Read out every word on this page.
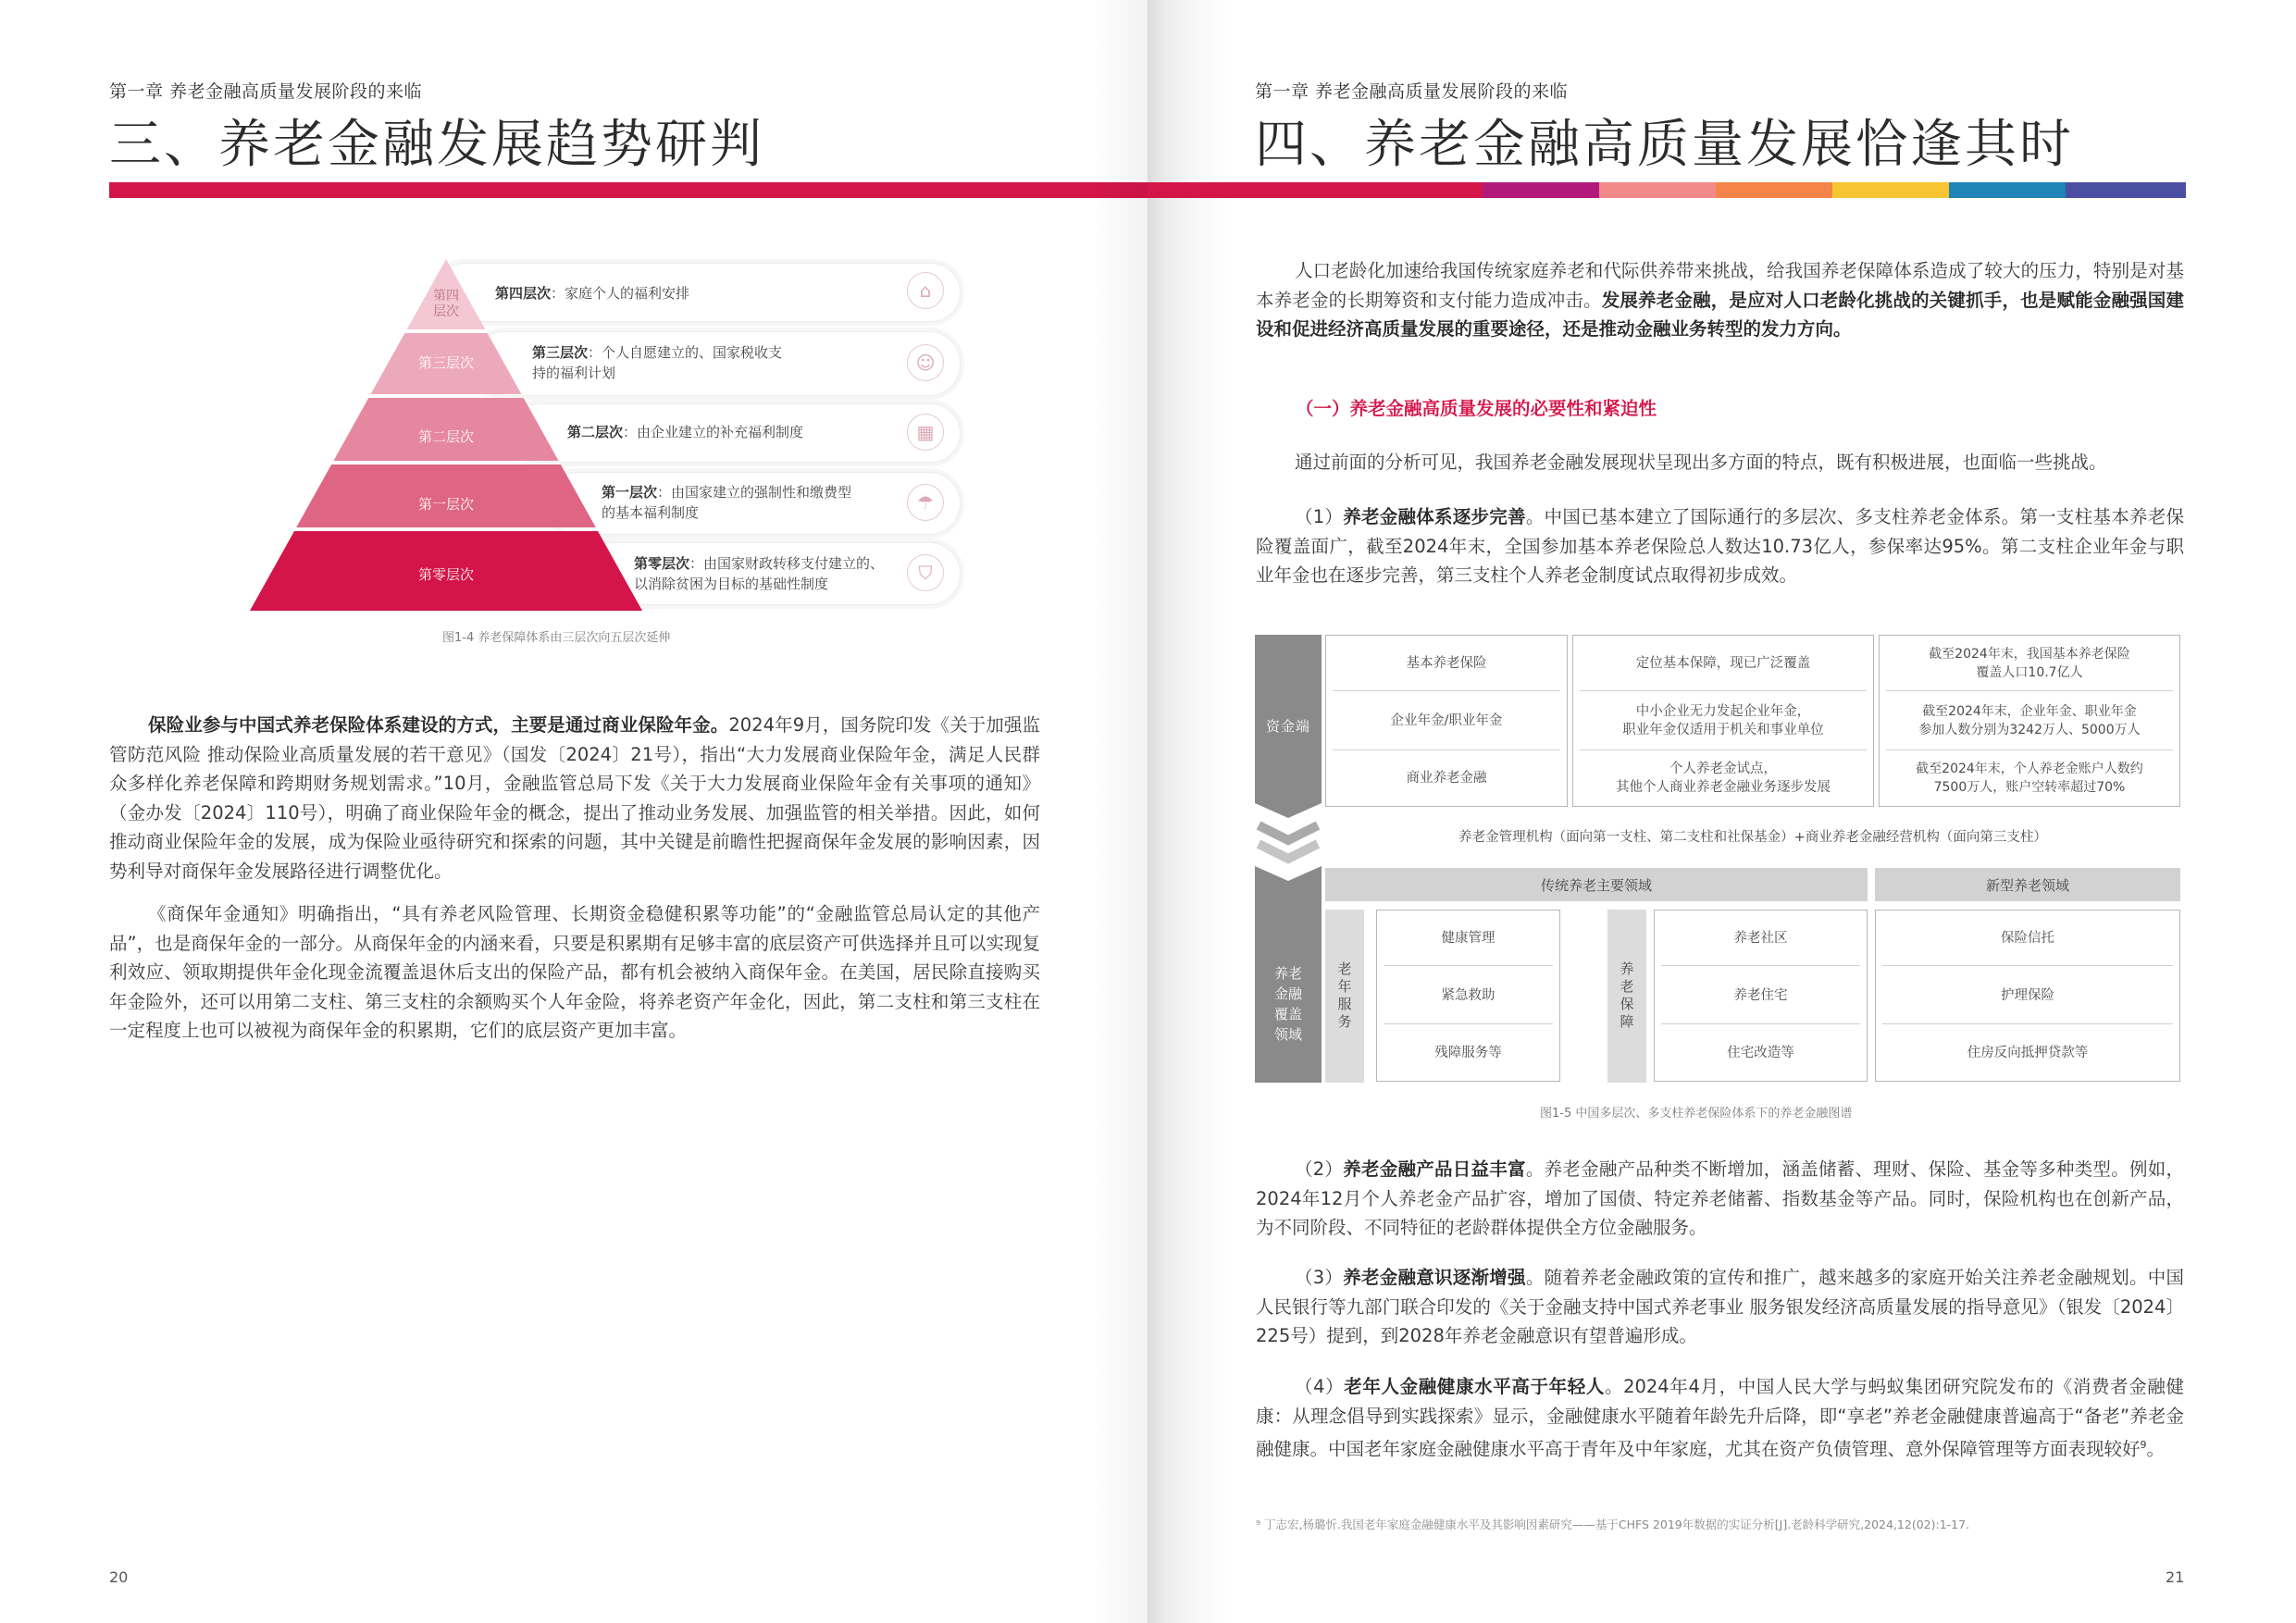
第一章 养老金融高质量发展阶段的来临
三、养老金融发展趋势研判
第四
层次
第三层次
第二层次
第一层次
第零层次
第四层次：家庭个人的福利安排
第三层次：个人自愿建立的、国家税收支
持的福利计划
第二层次：由企业建立的补充福利制度
第一层次：由国家建立的强制性和缴费型
的基本福利制度
第零层次：由国家财政转移支付建立的、
以消除贫困为目标的基础性制度
⌂
☺
▦
☂
⛉
图1-4 养老保障体系由三层次向五层次延伸
保险业参与中国式养老保险体系建设的方式，主要是通过商业保险年金。2024年9月，国务院印发《关于加强监管防范风险 推动保险业高质量发展的若干意见》（国发〔2024〕21号），指出“大力发展商业保险年金，满足人民群众多样化养老保障和跨期财务规划需求。”10月，金融监管总局下发《关于大力发展商业保险年金有关事项的通知》（金办发〔2024〕110号），明确了商业保险年金的概念，提出了推动业务发展、加强监管的相关举措。因此，如何推动商业保险年金的发展，成为保险业亟待研究和探索的问题，其中关键是前瞻性把握商保年金发展的影响因素，因势利导对商保年金发展路径进行调整优化。
《商保年金通知》明确指出，“具有养老风险管理、长期资金稳健积累等功能”的“金融监管总局认定的其他产品”，也是商保年金的一部分。从商保年金的内涵来看，只要是积累期有足够丰富的底层资产可供选择并且可以实现复利效应、领取期提供年金化现金流覆盖退休后支出的保险产品，都有机会被纳入商保年金。在美国，居民除直接购买年金险外，还可以用第二支柱、第三支柱的余额购买个人年金险，将养老资产年金化，因此，第二支柱和第三支柱在一定程度上也可以被视为商保年金的积累期，它们的底层资产更加丰富。
20
第一章 养老金融高质量发展阶段的来临
四、养老金融高质量发展恰逢其时
人口老龄化加速给我国传统家庭养老和代际供养带来挑战，给我国养老保障体系造成了较大的压力，特别是对基本养老金的长期筹资和支付能力造成冲击。发展养老金融，是应对人口老龄化挑战的关键抓手，也是赋能金融强国建设和促进经济高质量发展的重要途径，还是推动金融业务转型的发力方向。
（一）养老金融高质量发展的必要性和紧迫性
通过前面的分析可见，我国养老金融发展现状呈现出多方面的特点，既有积极进展，也面临一些挑战。
（1）养老金融体系逐步完善。中国已基本建立了国际通行的多层次、多支柱养老金体系。第一支柱基本养老保险覆盖面广，截至2024年末，全国参加基本养老保险总人数达10.73亿人，参保率达95%。第二支柱企业年金与职业年金也在逐步完善，第三支柱个人养老金制度试点取得初步成效。
资金端
养老
金融
覆盖
领域
基本养老保险
企业年金/职业年金
商业养老金融
定位基本保障，现已广泛覆盖
中小企业无力发起企业年金，
职业年金仅适用于机关和事业单位
个人养老金试点，
其他个人商业养老金融业务逐步发展
截至2024年末，我国基本养老保险
覆盖人口10.7亿人
截至2024年末，企业年金、职业年金
参加人数分别为3242万人、5000万人
截至2024年末，个人养老金账户人数约
7500万人，账户空转率超过70%
养老金管理机构（面向第一支柱、第二支柱和社保基金）+商业养老金融经营机构（面向第三支柱）
传统养老主要领域	新型养老领域
老年服务
健康管理
紧急救助
残障服务等
养老保障
养老社区
养老住宅
住宅改造等
保险信托
护理保险
住房反向抵押贷款等
图1-5 中国多层次、多支柱养老保险体系下的养老金融图谱
（2）养老金融产品日益丰富。养老金融产品种类不断增加，涵盖储蓄、理财、保险、基金等多种类型。例如，2024年12月个人养老金产品扩容，增加了国债、特定养老储蓄、指数基金等产品。同时，保险机构也在创新产品，为不同阶段、不同特征的老龄群体提供全方位金融服务。
（3）养老金融意识逐渐增强。随着养老金融政策的宣传和推广，越来越多的家庭开始关注养老金融规划。中国人民银行等九部门联合印发的《关于金融支持中国式养老事业 服务银发经济高质量发展的指导意见》（银发〔2024〕225号）提到，到2028年养老金融意识有望普遍形成。
（4）老年人金融健康水平高于年轻人。2024年4月，中国人民大学与蚂蚁集团研究院发布的《消费者金融健康：从理念倡导到实践探索》显示，金融健康水平随着年龄先升后降，即“享老”养老金融健康普遍高于“备老”养老金融健康。中国老年家庭金融健康水平高于青年及中年家庭，尤其在资产负债管理、意外保障管理等方面表现较好$^9$。
⁹ 丁志宏,杨璐忻.我国老年家庭金融健康水平及其影响因素研究——基于CHFS 2019年数据的实证分析[J].老龄科学研究,2024,12(02):1-17.
21
